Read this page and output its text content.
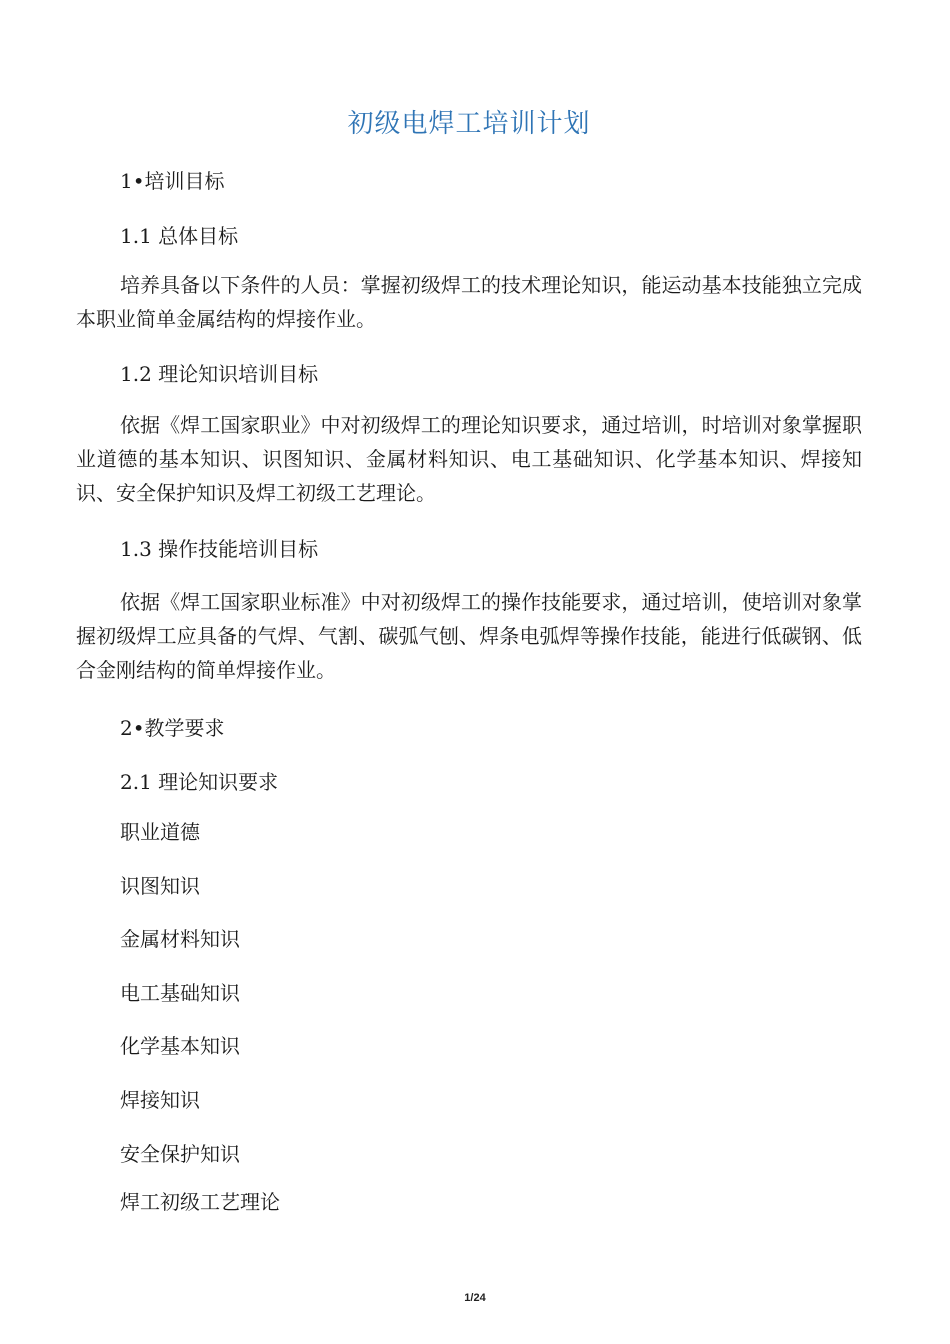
初级电焊工培训计划
1•培训目标
1.1 总体目标
培养具备以下条件的人员：掌握初级焊工的技术理论知识，能运动基本技能独立完成本职业简单金属结构的焊接作业。
1.2 理论知识培训目标
依据《焊工国家职业》中对初级焊工的理论知识要求，通过培训，时培训对象掌握职业道德的基本知识、识图知识、金属材料知识、电工基础知识、化学基本知识、焊接知识、安全保护知识及焊工初级工艺理论。
1.3 操作技能培训目标
依据《焊工国家职业标准》中对初级焊工的操作技能要求，通过培训，使培训对象掌握初级焊工应具备的气焊、气割、碳弧气刨、焊条电弧焊等操作技能，能进行低碳钢、低合金刚结构的简单焊接作业。
2•教学要求
2.1 理论知识要求
职业道德
识图知识
金属材料知识
电工基础知识
化学基本知识
焊接知识
安全保护知识
焊工初级工艺理论
1/24
